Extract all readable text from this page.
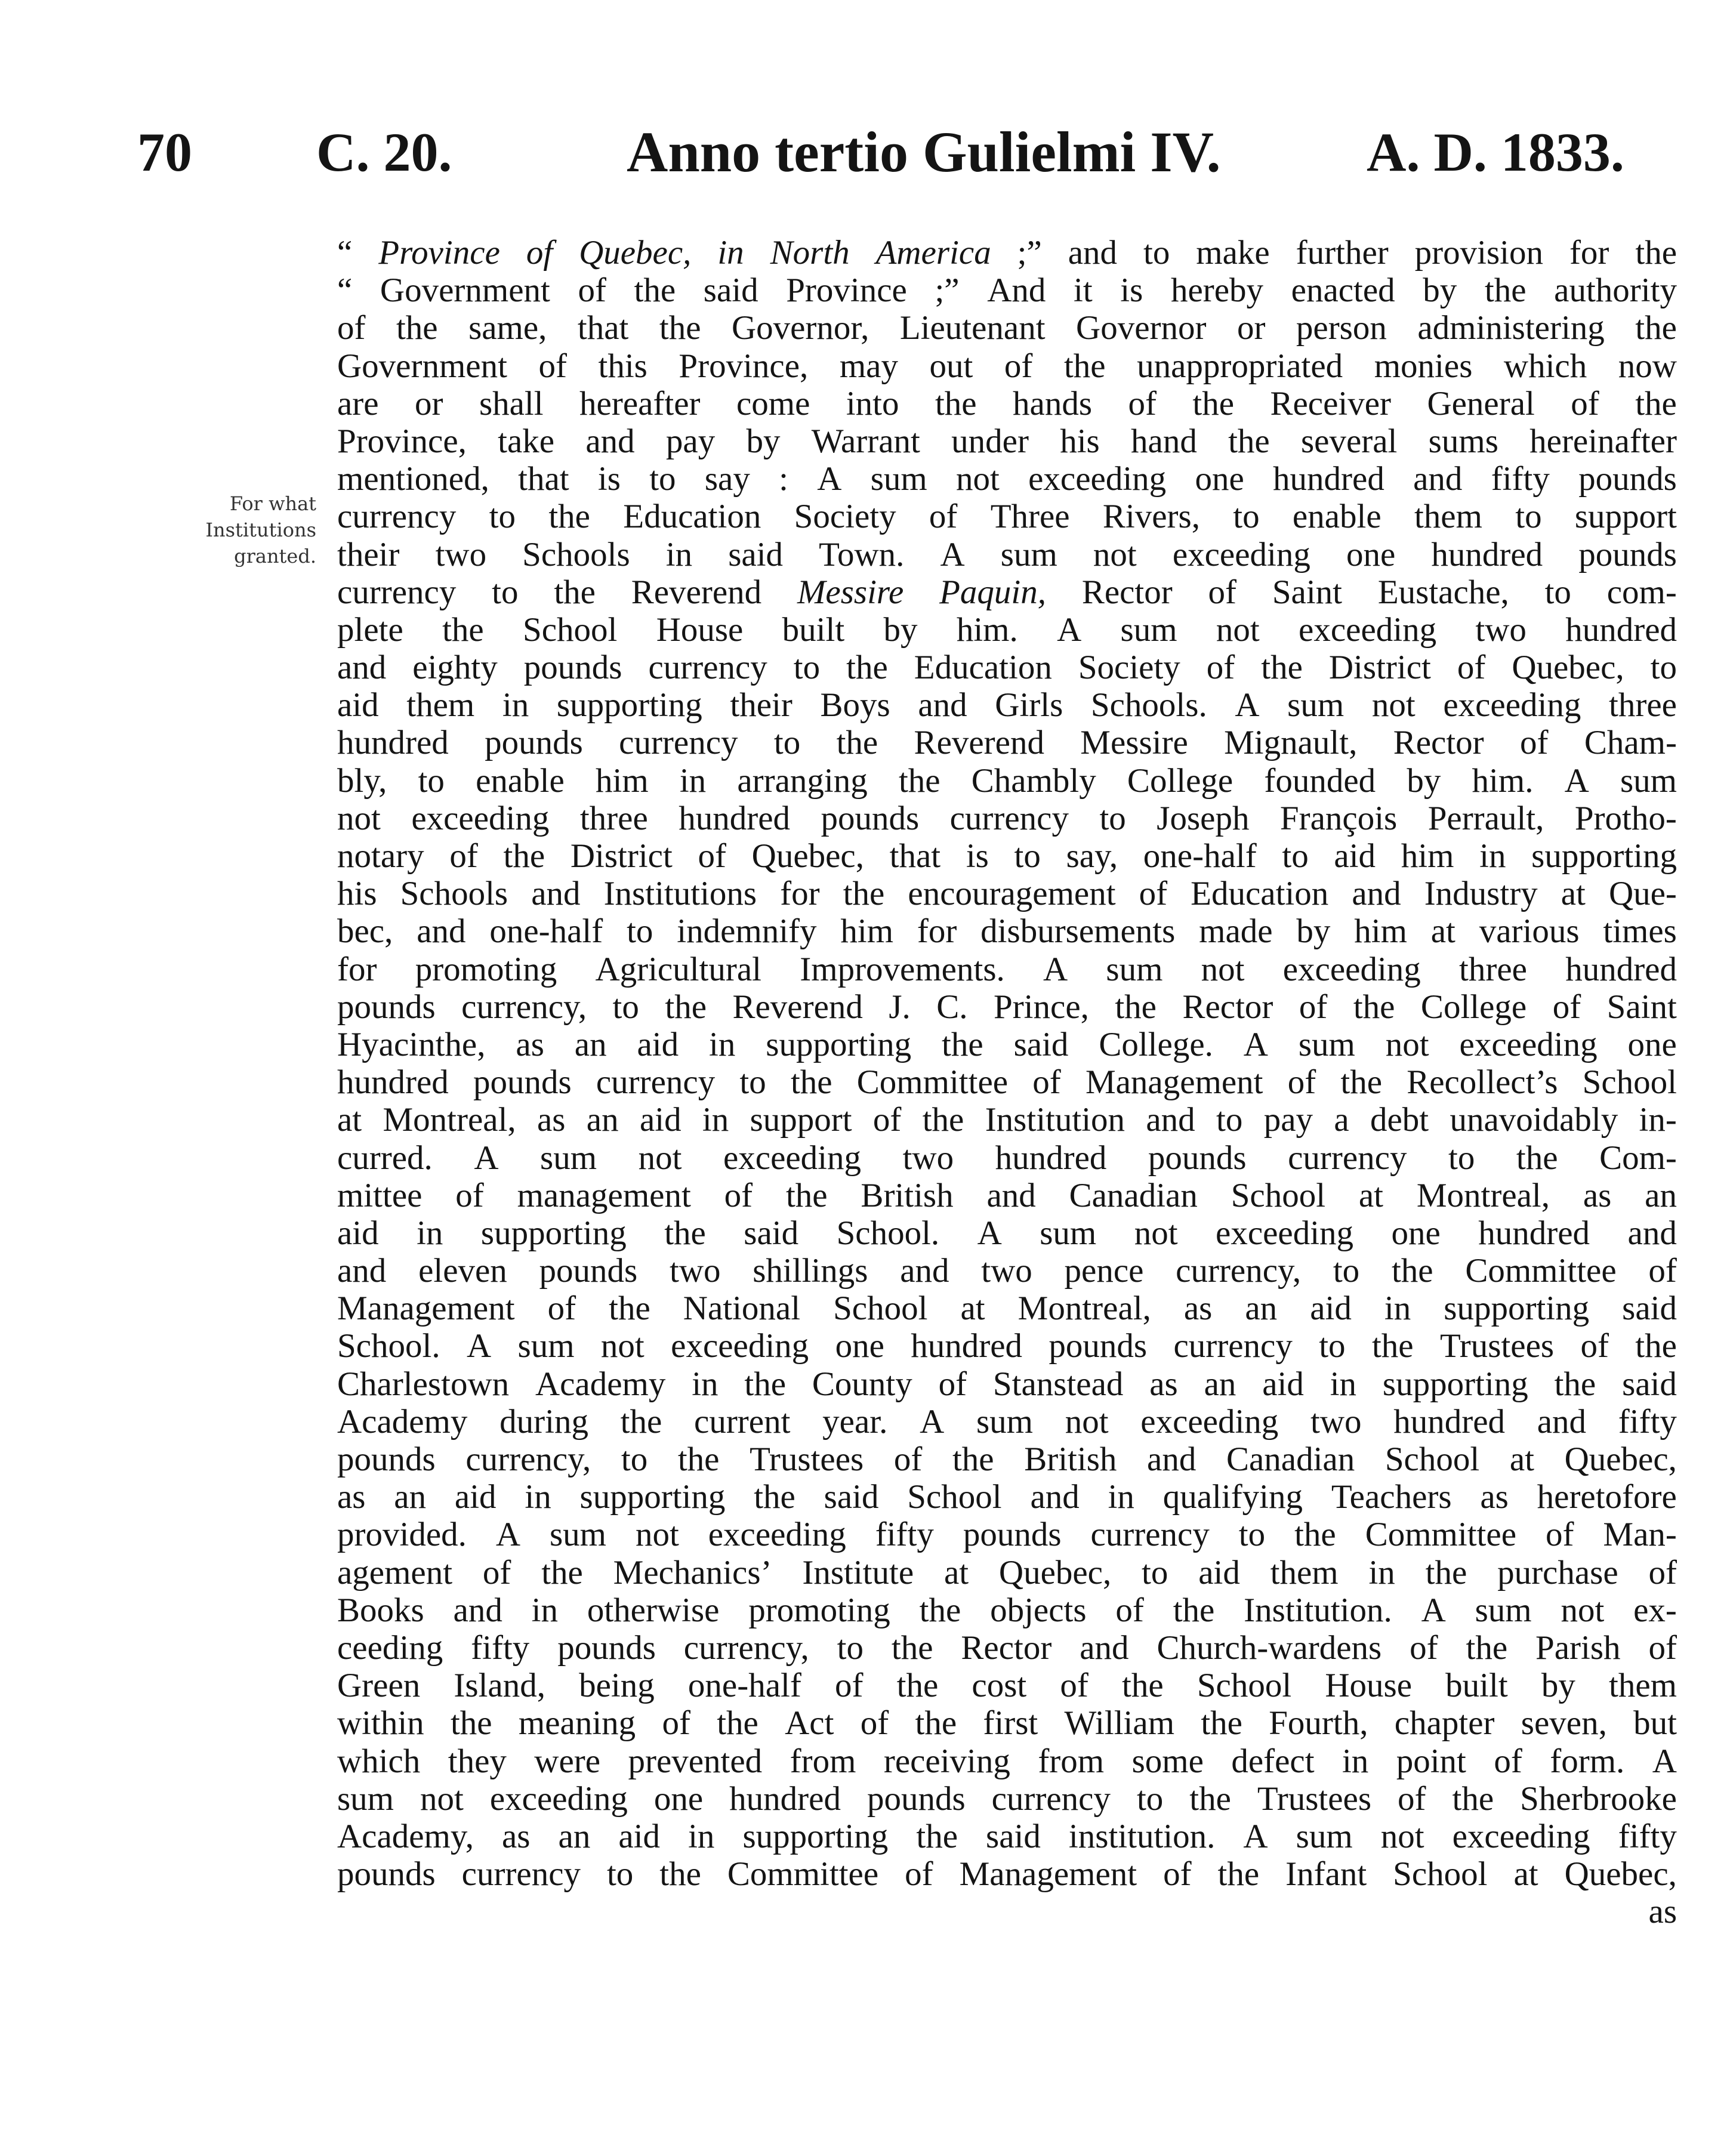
70 C. 20.	Anno tertio Gulielmi IV.	A. D. 1833.
For what
Institutions
granted.
“ Province of Quebec, in North America ;” and to make further provision for the
“ Government of the said Province ;” And it is hereby enacted by the authority
of the same, that the Governor, Lieutenant Governor or person administering the
Government of this Province, may out of the unappropriated monies which now
are or shall hereafter come into the hands of the Receiver General of the
Province, take and pay by Warrant under his hand the several sums hereinafter
mentioned, that is to say : A sum not exceeding one hundred and fifty pounds
currency to the Education Society of Three Rivers, to enable them to support
their two Schools in said Town. A sum not exceeding one hundred pounds
currency to the Reverend Messire Paquin, Rector of Saint Eustache, to com-
plete the School House built by him. A sum not exceeding two hundred
and eighty pounds currency to the Education Society of the District of Quebec, to
aid them in supporting their Boys and Girls Schools. A sum not exceeding three
hundred pounds currency to the Reverend Messire Mignault, Rector of Cham-
bly, to enable him in arranging the Chambly College founded by him. A sum
not exceeding three hundred pounds currency to Joseph François Perrault, Protho-
notary of the District of Quebec, that is to say, one-half to aid him in supporting
his Schools and Institutions for the encouragement of Education and Industry at Que-
bec, and one-half to indemnify him for disbursements made by him at various times
for promoting Agricultural Improvements. A sum not exceeding three hundred
pounds currency, to the Reverend J. C. Prince, the Rector of the College of Saint
Hyacinthe, as an aid in supporting the said College. A sum not exceeding one
hundred pounds currency to the Committee of Management of the Recollect’s School
at Montreal, as an aid in support of the Institution and to pay a debt unavoidably in-
curred. A sum not exceeding two hundred pounds currency to the Com-
mittee of management of the British and Canadian School at Montreal, as an
aid in supporting the said School. A sum not exceeding one hundred and
and eleven pounds two shillings and two pence currency, to the Committee of
Management of the National School at Montreal, as an aid in supporting said
School. A sum not exceeding one hundred pounds currency to the Trustees of the
Charlestown Academy in the County of Stanstead as an aid in supporting the said
Academy during the current year. A sum not exceeding two hundred and fifty
pounds currency, to the Trustees of the British and Canadian School at Quebec,
as an aid in supporting the said School and in qualifying Teachers as heretofore
provided. A sum not exceeding fifty pounds currency to the Committee of Man-
agement of the Mechanics’ Institute at Quebec, to aid them in the purchase of
Books and in otherwise promoting the objects of the Institution. A sum not ex-
ceeding fifty pounds currency, to the Rector and Church-wardens of the Parish of
Green Island, being one-half of the cost of the School House built by them
within the meaning of the Act of the first William the Fourth, chapter seven, but
which they were prevented from receiving from some defect in point of form. A
sum not exceeding one hundred pounds currency to the Trustees of the Sherbrooke
Academy, as an aid in supporting the said institution. A sum not exceeding fifty
pounds currency to the Committee of Management of the Infant School at Quebec,
as
